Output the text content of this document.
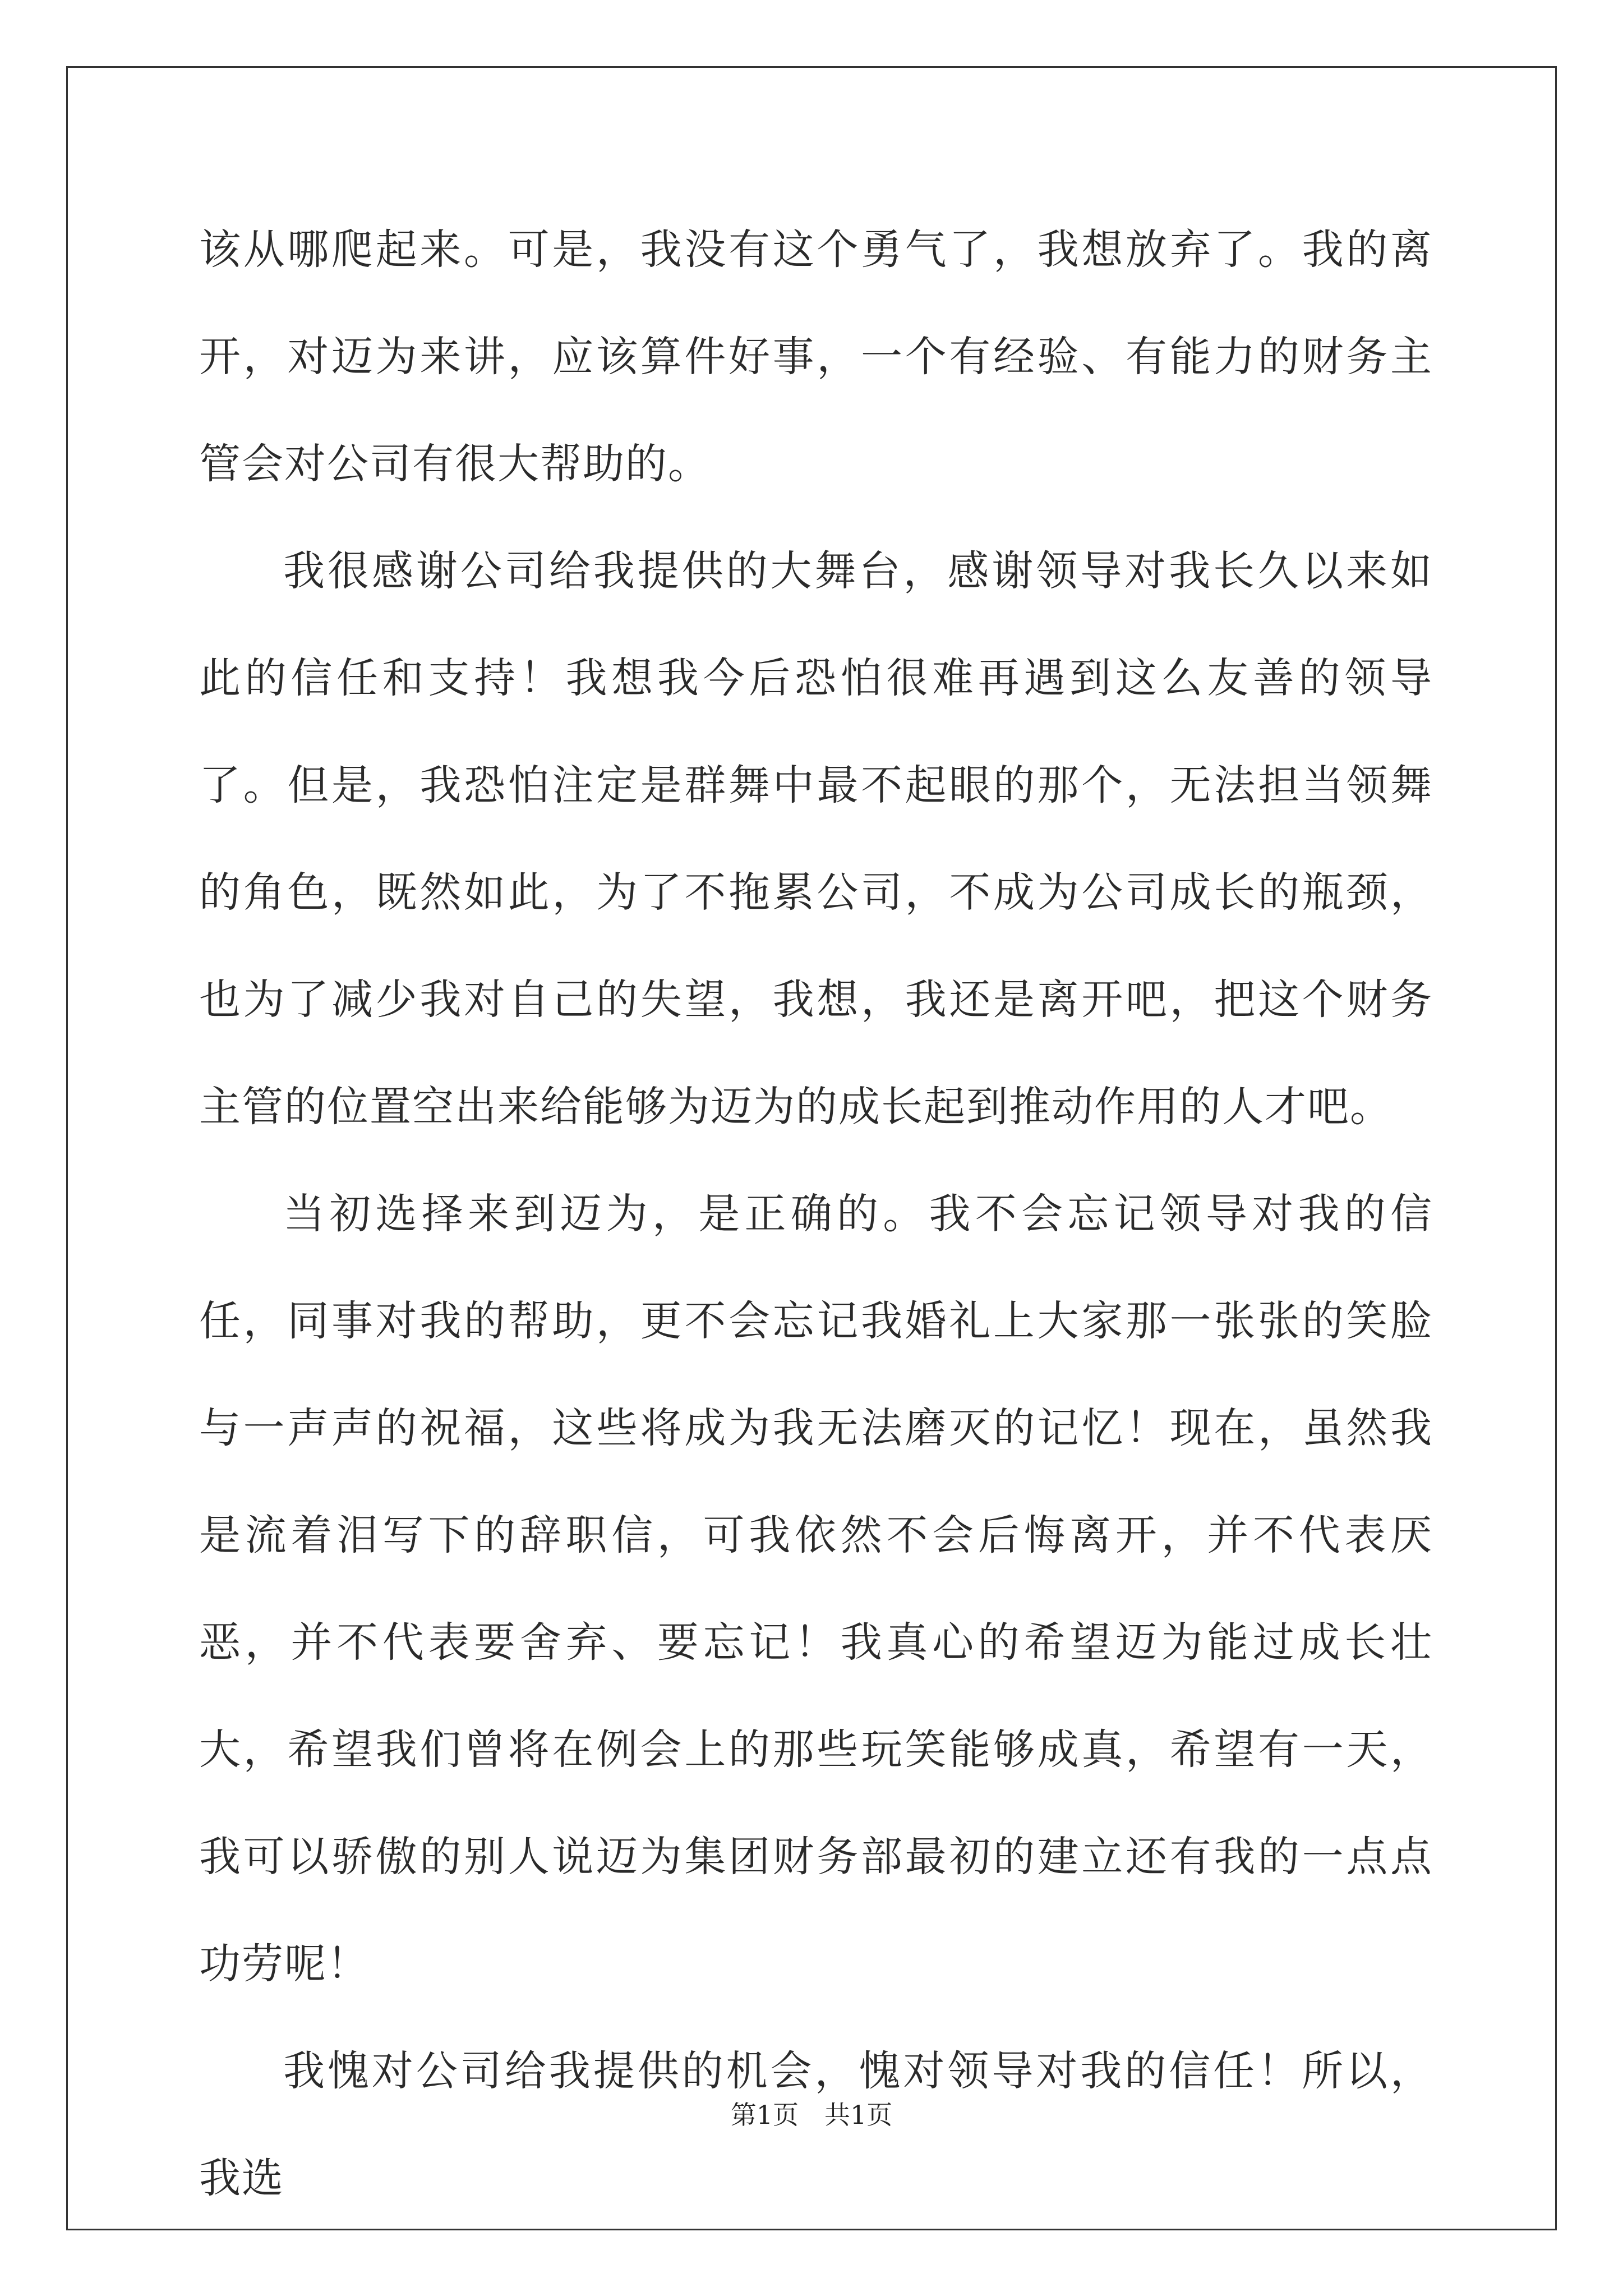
该从哪爬起来。可是，我没有这个勇气了，我想放弃了。我的离开，对迈为来讲，应该算件好事，一个有经验、有能力的财务主管会对公司有很大帮助的。

我很感谢公司给我提供的大舞台，感谢领导对我长久以来如此的信任和支持！我想我今后恐怕很难再遇到这么友善的领导了。但是，我恐怕注定是群舞中最不起眼的那个，无法担当领舞的角色，既然如此，为了不拖累公司，不成为公司成长的瓶颈，也为了减少我对自己的失望，我想，我还是离开吧，把这个财务主管的位置空出来给能够为迈为的成长起到推动作用的人才吧。

当初选择来到迈为，是正确的。我不会忘记领导对我的信任，同事对我的帮助，更不会忘记我婚礼上大家那一张张的笑脸与一声声的祝福，这些将成为我无法磨灭的记忆！现在，虽然我是流着泪写下的辞职信，可我依然不会后悔离开，并不代表厌恶，并不代表要舍弃、要忘记！我真心的希望迈为能过成长壮大，希望我们曾将在例会上的那些玩笑能够成真，希望有一天，我可以骄傲的别人说迈为集团财务部最初的建立还有我的一点点功劳呢！

我愧对公司给我提供的机会，愧对领导对我的信任！所以，我选

第1页　共1页
